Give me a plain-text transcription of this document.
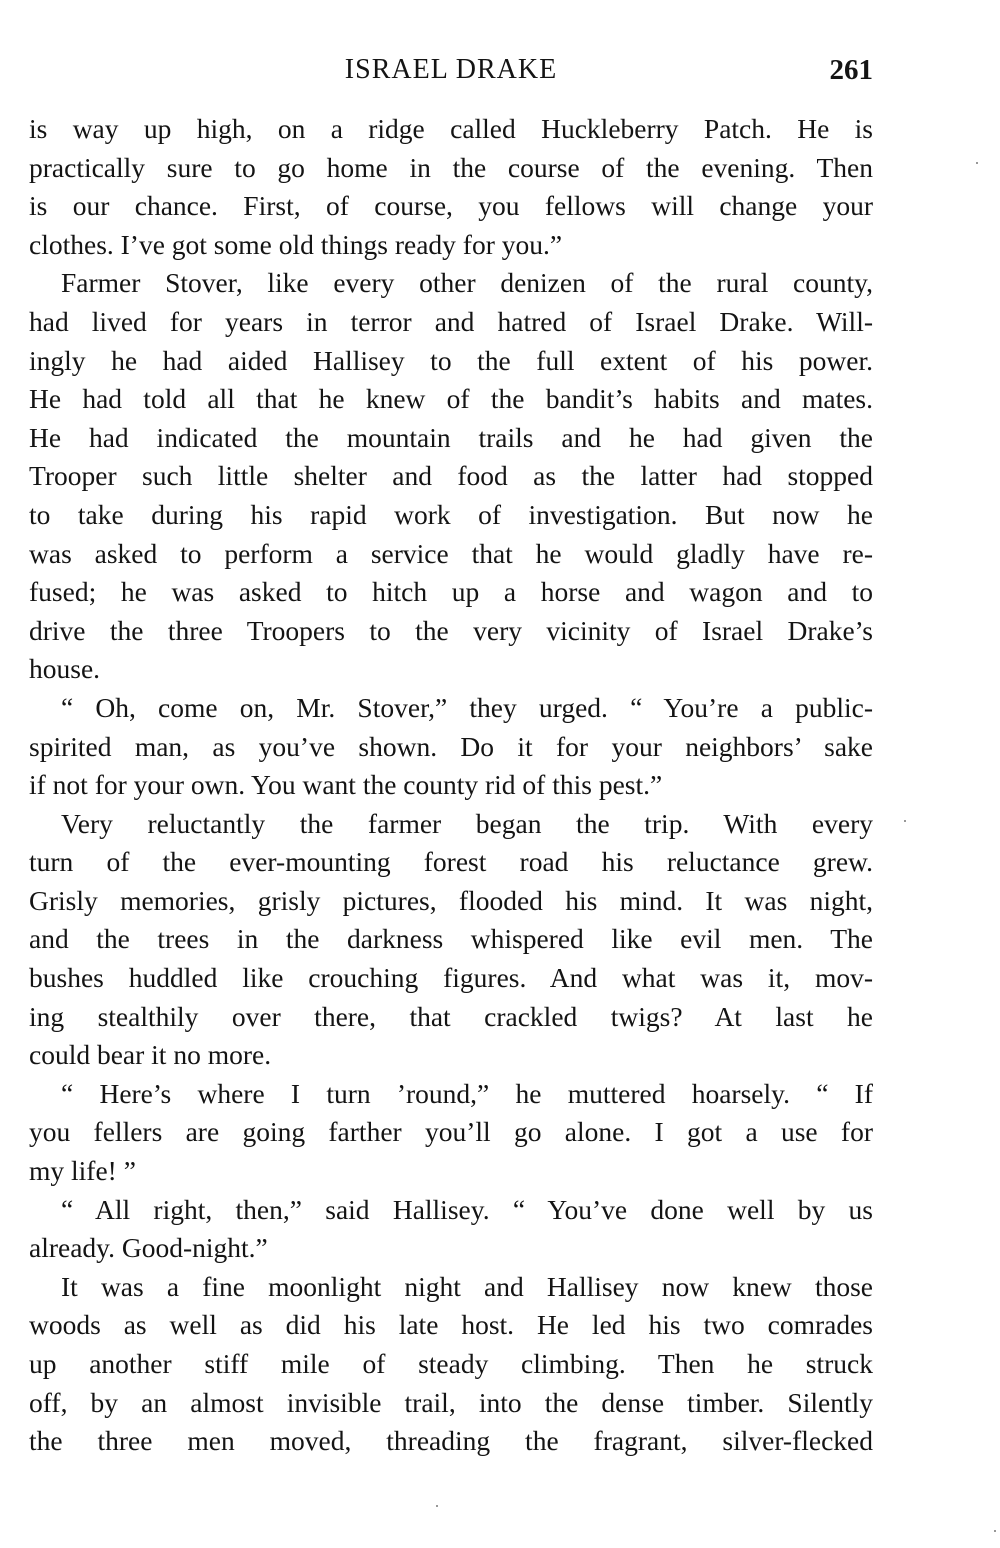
ISRAEL DRAKE	261
is way up high, on a ridge called Huckleberry Patch. He is
practically sure to go home in the course of the evening. Then
is our chance. First, of course, you fellows will change your
clothes. I’ve got some old things ready for you.”
Farmer Stover, like every other denizen of the rural county,
had lived for years in terror and hatred of Israel Drake. Will-
ingly he had aided Hallisey to the full extent of his power.
He had told all that he knew of the bandit’s habits and mates.
He had indicated the mountain trails and he had given the
Trooper such little shelter and food as the latter had stopped
to take during his rapid work of investigation. But now he
was asked to perform a service that he would gladly have re-
fused; he was asked to hitch up a horse and wagon and to
drive the three Troopers to the very vicinity of Israel Drake’s
house.
“ Oh, come on, Mr. Stover,” they urged. “ You’re a public-
spirited man, as you’ve shown. Do it for your neighbors’ sake
if not for your own. You want the county rid of this pest.”
Very reluctantly the farmer began the trip. With every
turn of the ever-mounting forest road his reluctance grew.
Grisly memories, grisly pictures, flooded his mind. It was night,
and the trees in the darkness whispered like evil men. The
bushes huddled like crouching figures. And what was it, mov-
ing stealthily over there, that crackled twigs? At last he
could bear it no more.
“ Here’s where I turn ’round,” he muttered hoarsely. “ If
you fellers are going farther you’ll go alone. I got a use for
my life! ”
“ All right, then,” said Hallisey. “ You’ve done well by us
already. Good-night.”
It was a fine moonlight night and Hallisey now knew those
woods as well as did his late host. He led his two comrades
up another stiff mile of steady climbing. Then he struck
off, by an almost invisible trail, into the dense timber. Silently
the three men moved, threading the fragrant, silver-flecked
